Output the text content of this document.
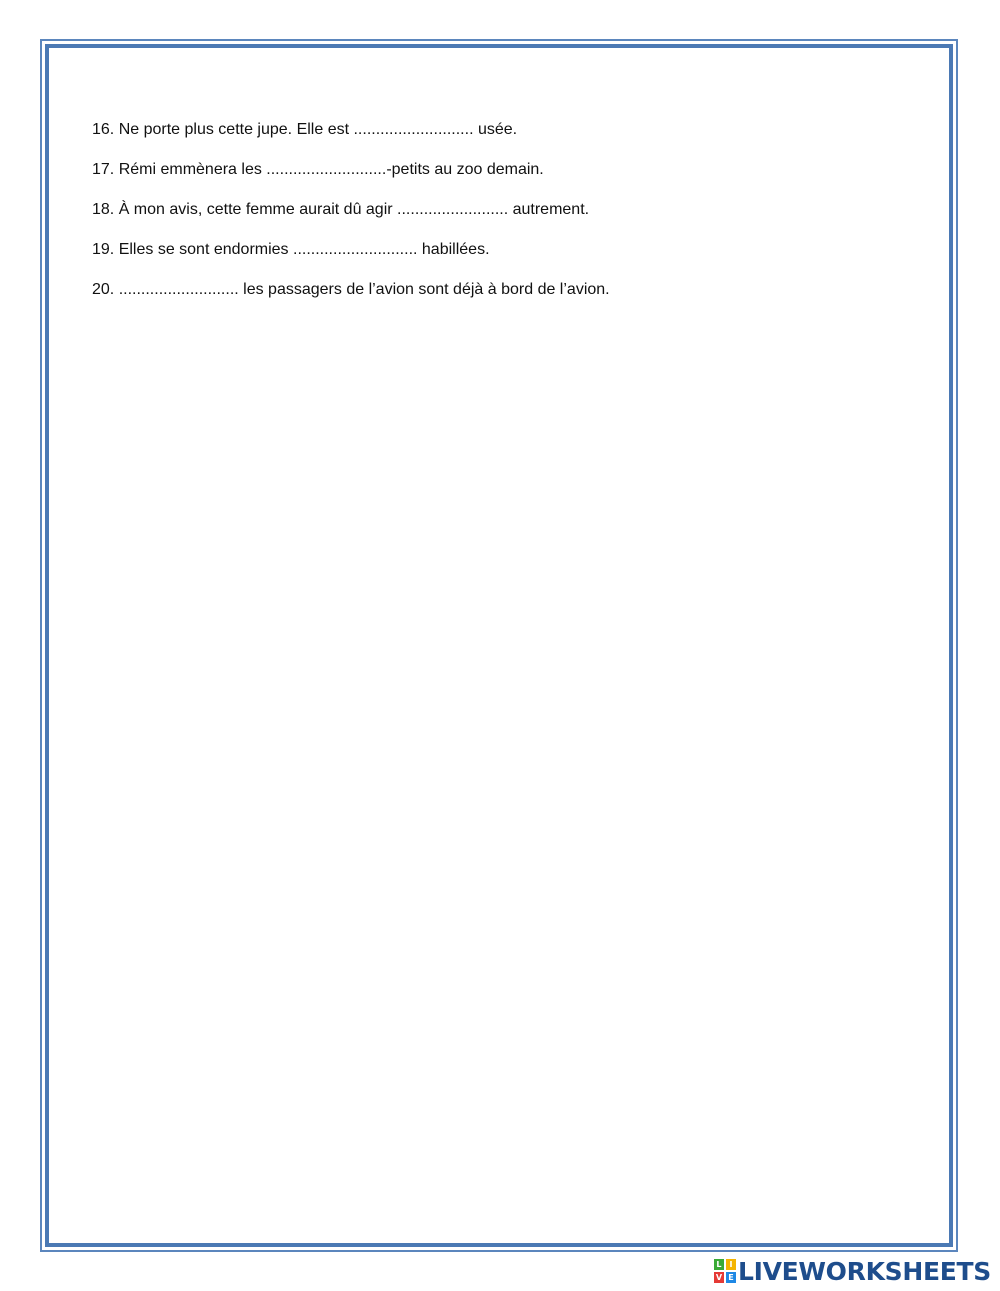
16. Ne porte plus cette jupe. Elle est ........................... usée.
17. Rémi emmènera les ...........................-petits au zoo demain.
18. À mon avis, cette femme aurait dû agir ......................... autrement.
19. Elles se sont endormies ............................ habillées.
20. ........................... les passagers de l’avion sont déjà à bord de l’avion.
L I
V E LIVEWORKSHEETS
